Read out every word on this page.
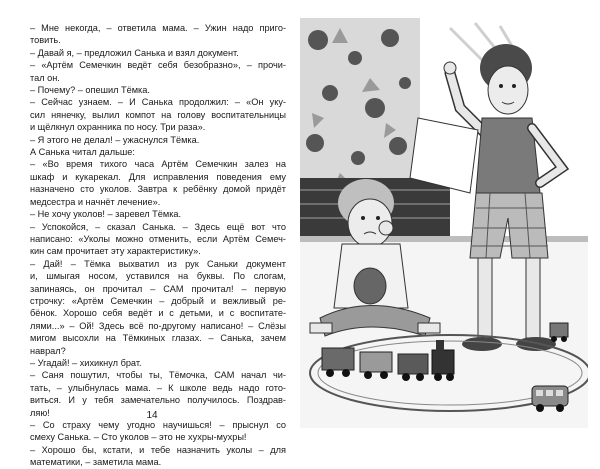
– Мне некогда, – ответила мама. – Ужин надо приго-

товить.

– Давай я, – предложил Санька и взял документ.

– «Артём Семечкин ведёт себя безобразно», – прочи-

тал он.

– Почему? – опешил Тёмка.

– Сейчас узнаем. – И Санька продолжил: – «Он уку-

сил нянечку, вылил компот на голову воспитательницы

и щёлкнул охранника по носу. Три раза».

– Я этого не делал! – ужаснулся Тёмка.

А Санька читал дальше:

– «Во время тихого часа Артём Семечкин залез на

шкаф и кукарекал. Для исправления поведения ему

назначено сто уколов. Завтра к ребёнку домой придёт

медсестра и начнёт лечение».

– Не хочу уколов! – заревел Тёмка.

– Успокойся, – сказал Санька. – Здесь ещё вот что

написано: «Уколы можно отменить, если Артём Семеч-

кин сам прочитает эту характеристику».

– Дай! – Тёмка выхватил из рук Саньки документ

и, шмыгая носом, уставился на буквы. По слогам,

запинаясь, он прочитал – САМ прочитал! – первую

строчку: «Артём Семечкин – добрый и вежливый ре-

бёнок. Хорошо себя ведёт и с детьми, и с воспитате-

лями...» – Ой! Здесь всё по-другому написано! – Слёзы

мигом высохли на Тёмкиных глазах. – Санька, зачем

наврал?

– Угадай! – хихикнул брат.

– Саня пошутил, чтобы ты, Тёмочка, САМ начал чи-

тать, – улыбнулась мама. – К школе ведь надо гото-

виться. И у тебя замечательно получилось. Поздрав-

ляю!

– Со страху чему угодно научишься! – прыснул со

смеху Санька. – Сто уколов – это не хухры-мухры!

– Хорошо бы, кстати, и тебе назначить уколы – для

математики, – заметила мама.

14
